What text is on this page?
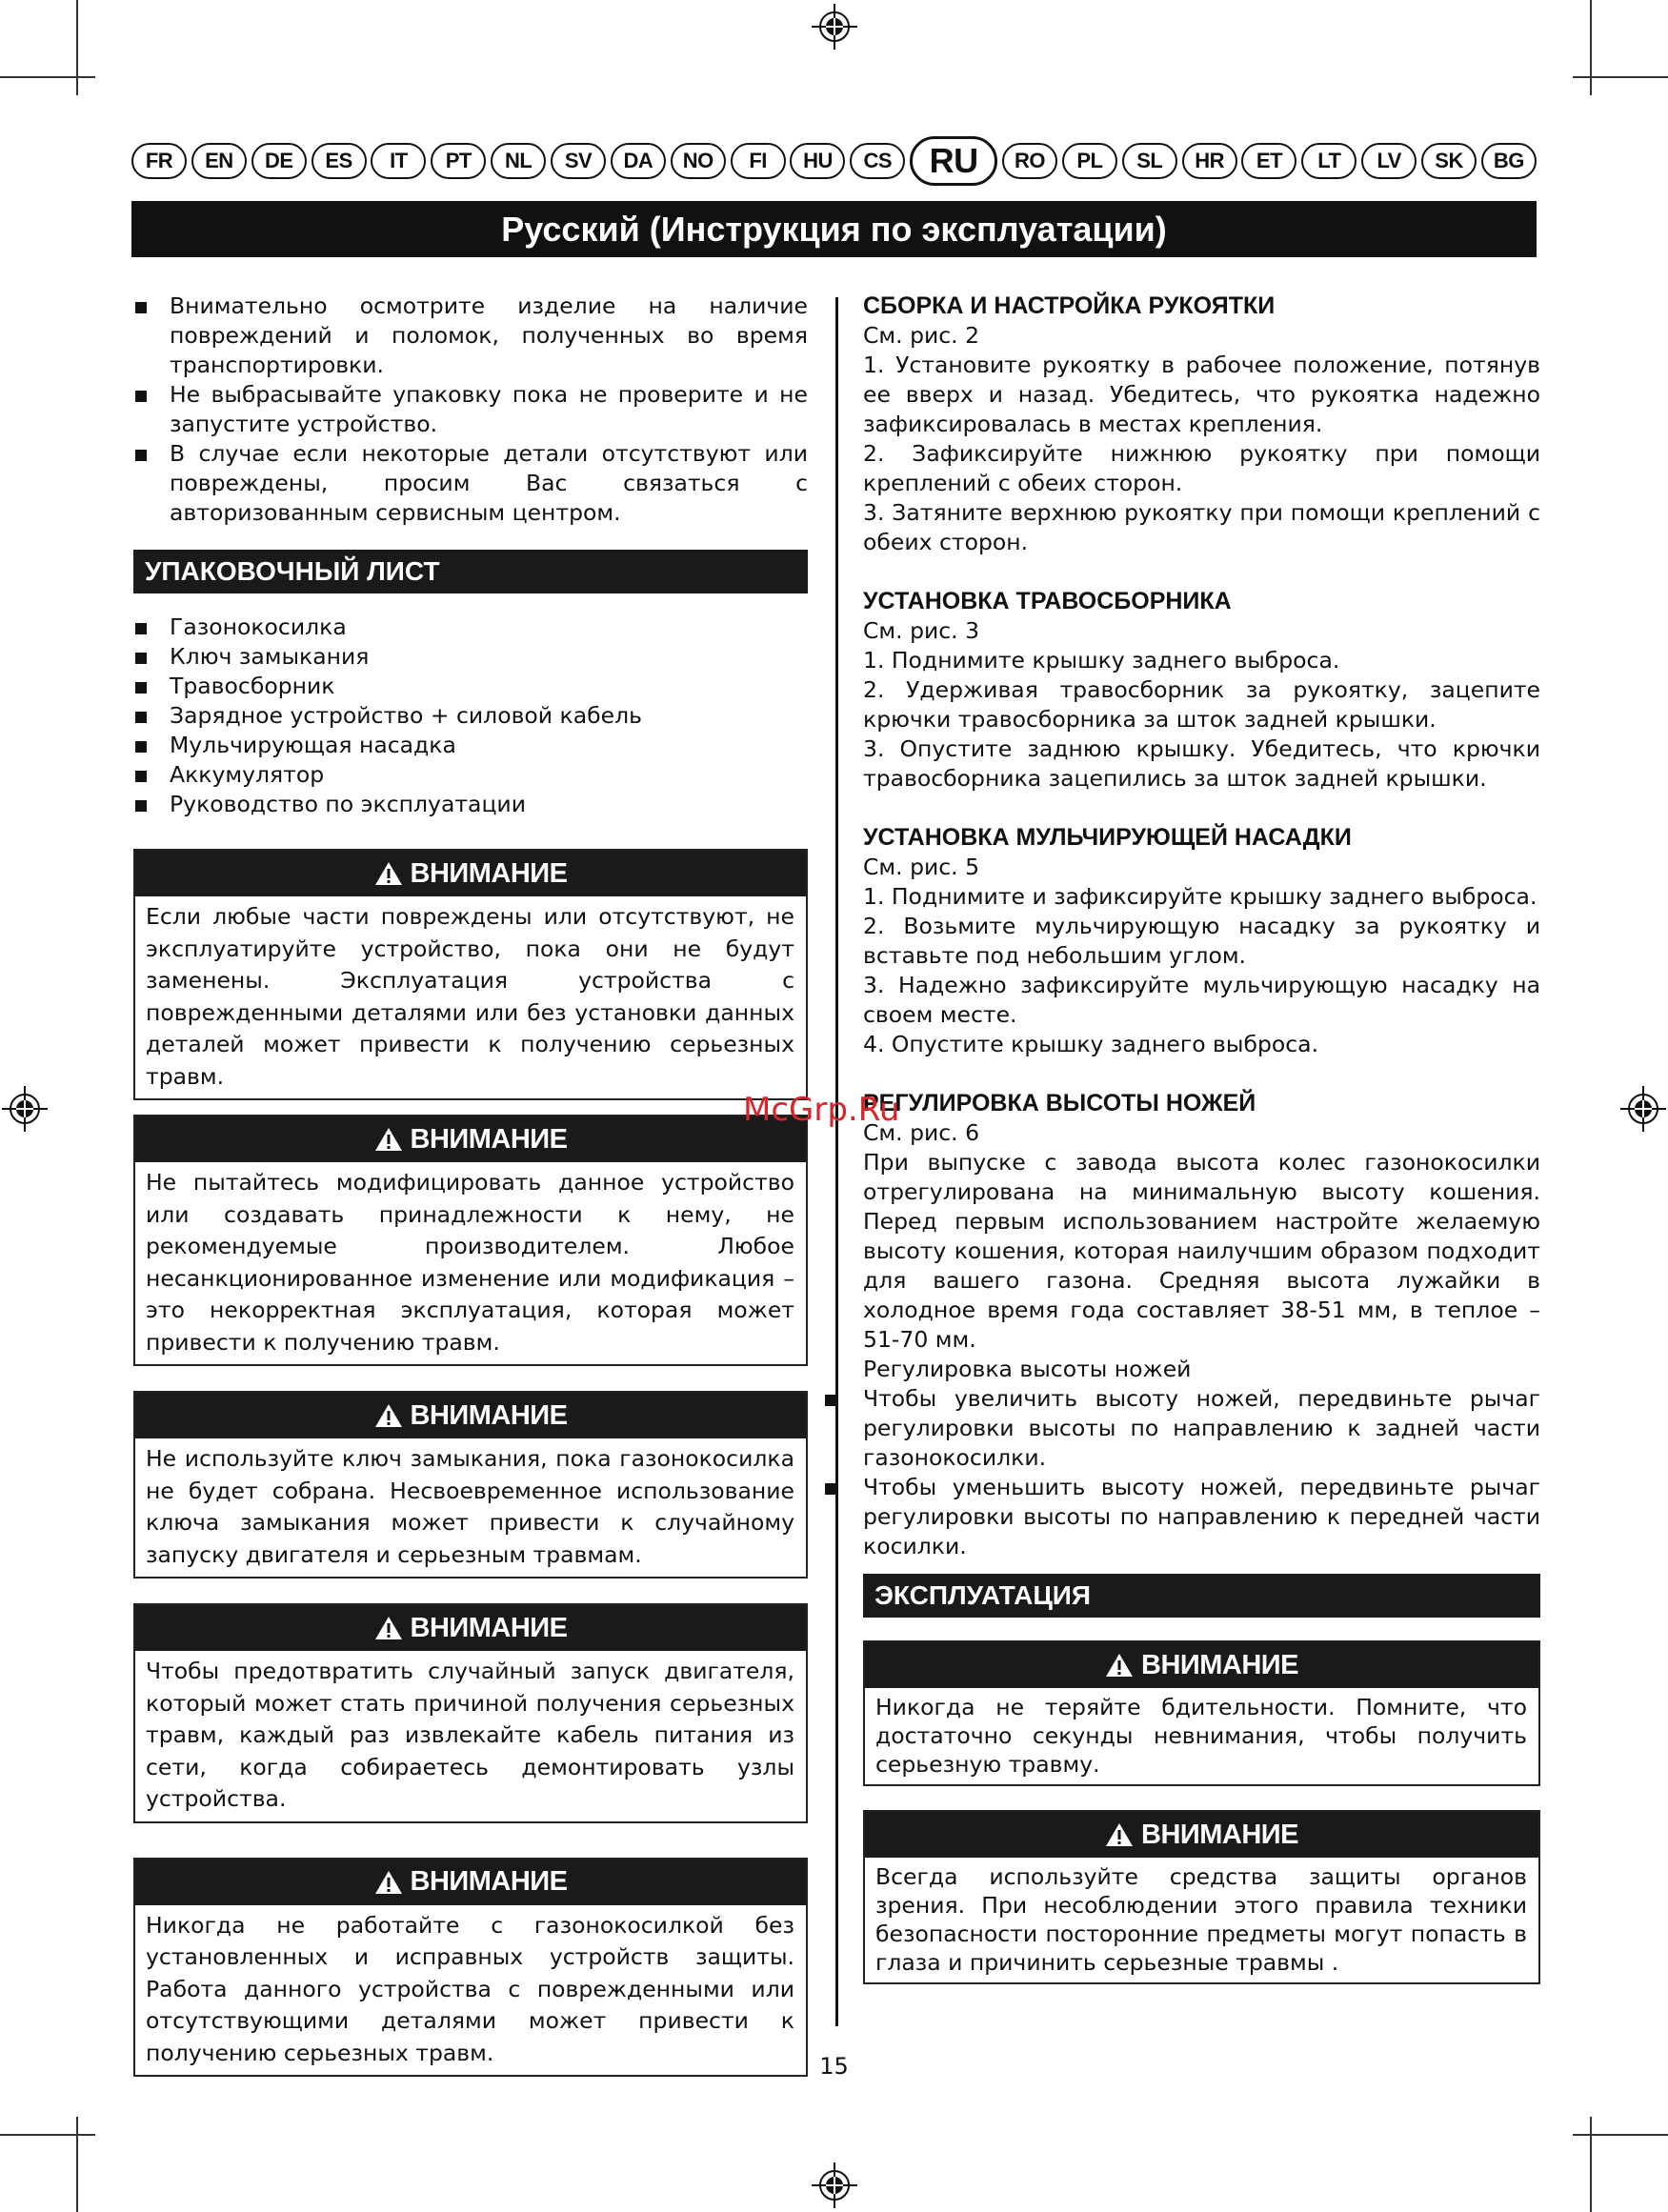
FR	EN	DE	ES	IT	PT	NL	SV	DA	NO	FI	HU	CS	RU	RO	PL	SL	HR	ET	LT	LV	SK	BG
Русский (Инструкция по эксплуатации)
Внимательно осмотрите изделие на наличие повреждений и поломок, полученных во время транспортировки.
Не выбрасывайте упаковку пока не проверите и не запустите устройство.
В случае если некоторые детали отсутствуют или повреждены, просим Вас связаться с авторизованным сервисным центром.
УПАКОВОЧНЫЙ ЛИСТ
Газонокосилка
Ключ замыкания
Травосборник
Зарядное устройство + силовой кабель
Мульчирующая насадка
Аккумулятор
Руководство по эксплуатации
ВНИМАНИЕ
Если любые части повреждены или отсутствуют, не эксплуатируйте устройство, пока они не будут заменены. Эксплуатация устройства с поврежденными деталями или без установки данных деталей может привести к получению серьезных травм.
ВНИМАНИЕ
Не пытайтесь модифицировать данное устройство или создавать принадлежности к нему, не рекомендуемые производителем. Любое несанкционированное изменение или модификация – это некорректная эксплуатация, которая может привести к получению травм.
ВНИМАНИЕ
Не используйте ключ замыкания, пока газонокосилка не будет собрана. Несвоевременное использование ключа замыкания может привести к случайному запуску двигателя и серьезным травмам.
ВНИМАНИЕ
Чтобы предотвратить случайный запуск двигателя, который может стать причиной получения серьезных травм, каждый раз извлекайте кабель питания из сети, когда собираетесь демонтировать узлы устройства.
ВНИМАНИЕ
Никогда не работайте с газонокосилкой без установленных и исправных устройств защиты. Работа данного устройства с поврежденными или отсутствующими деталями может привести к получению серьезных травм.
СБОРКА И НАСТРОЙКА РУКОЯТКИ
См. рис. 2
1. Установите рукоятку в рабочее положение, потянув ее вверх и назад. Убедитесь, что рукоятка надежно зафиксировалась в местах крепления.
2. Зафиксируйте нижнюю рукоятку при помощи креплений с обеих сторон.
3. Затяните верхнюю рукоятку при помощи креплений с обеих сторон.
УСТАНОВКА ТРАВОСБОРНИКА
См. рис. 3
1. Поднимите крышку заднего выброса.
2. Удерживая травосборник за рукоятку, зацепите крючки травосборника за шток задней крышки.
3. Опустите заднюю крышку. Убедитесь, что крючки травосборника зацепились за шток задней крышки.
УСТАНОВКА МУЛЬЧИРУЮЩЕЙ НАСАДКИ
См. рис. 5
1. Поднимите и зафиксируйте крышку заднего выброса.
2. Возьмите мульчирующую насадку за рукоятку и вставьте под небольшим углом.
3. Надежно зафиксируйте мульчирующую насадку на своем месте.
4. Опустите крышку заднего выброса.
РЕГУЛИРОВКА ВЫСОТЫ НОЖЕЙ
См. рис. 6
При выпуске с завода высота колес газонокосилки отрегулирована на минимальную высоту кошения. Перед первым использованием настройте желаемую высоту кошения, которая наилучшим образом подходит для вашего газона. Средняя высота лужайки в холодное время года составляет 38-51 мм, в теплое – 51-70 мм.
Регулировка высоты ножей
Чтобы увеличить высоту ножей, передвиньте рычаг регулировки высоты по направлению к задней части газонокосилки.
Чтобы уменьшить высоту ножей, передвиньте рычаг регулировки высоты по направлению к передней части косилки.
ЭКСПЛУАТАЦИЯ
ВНИМАНИЕ
Никогда не теряйте бдительности. Помните, что достаточно секунды невнимания, чтобы получить серьезную травму.
ВНИМАНИЕ
Всегда используйте средства защиты органов зрения. При несоблюдении этого правила техники безопасности посторонние предметы могут попасть в глаза и причинить серьезные травмы .
McGrp.Ru
15
